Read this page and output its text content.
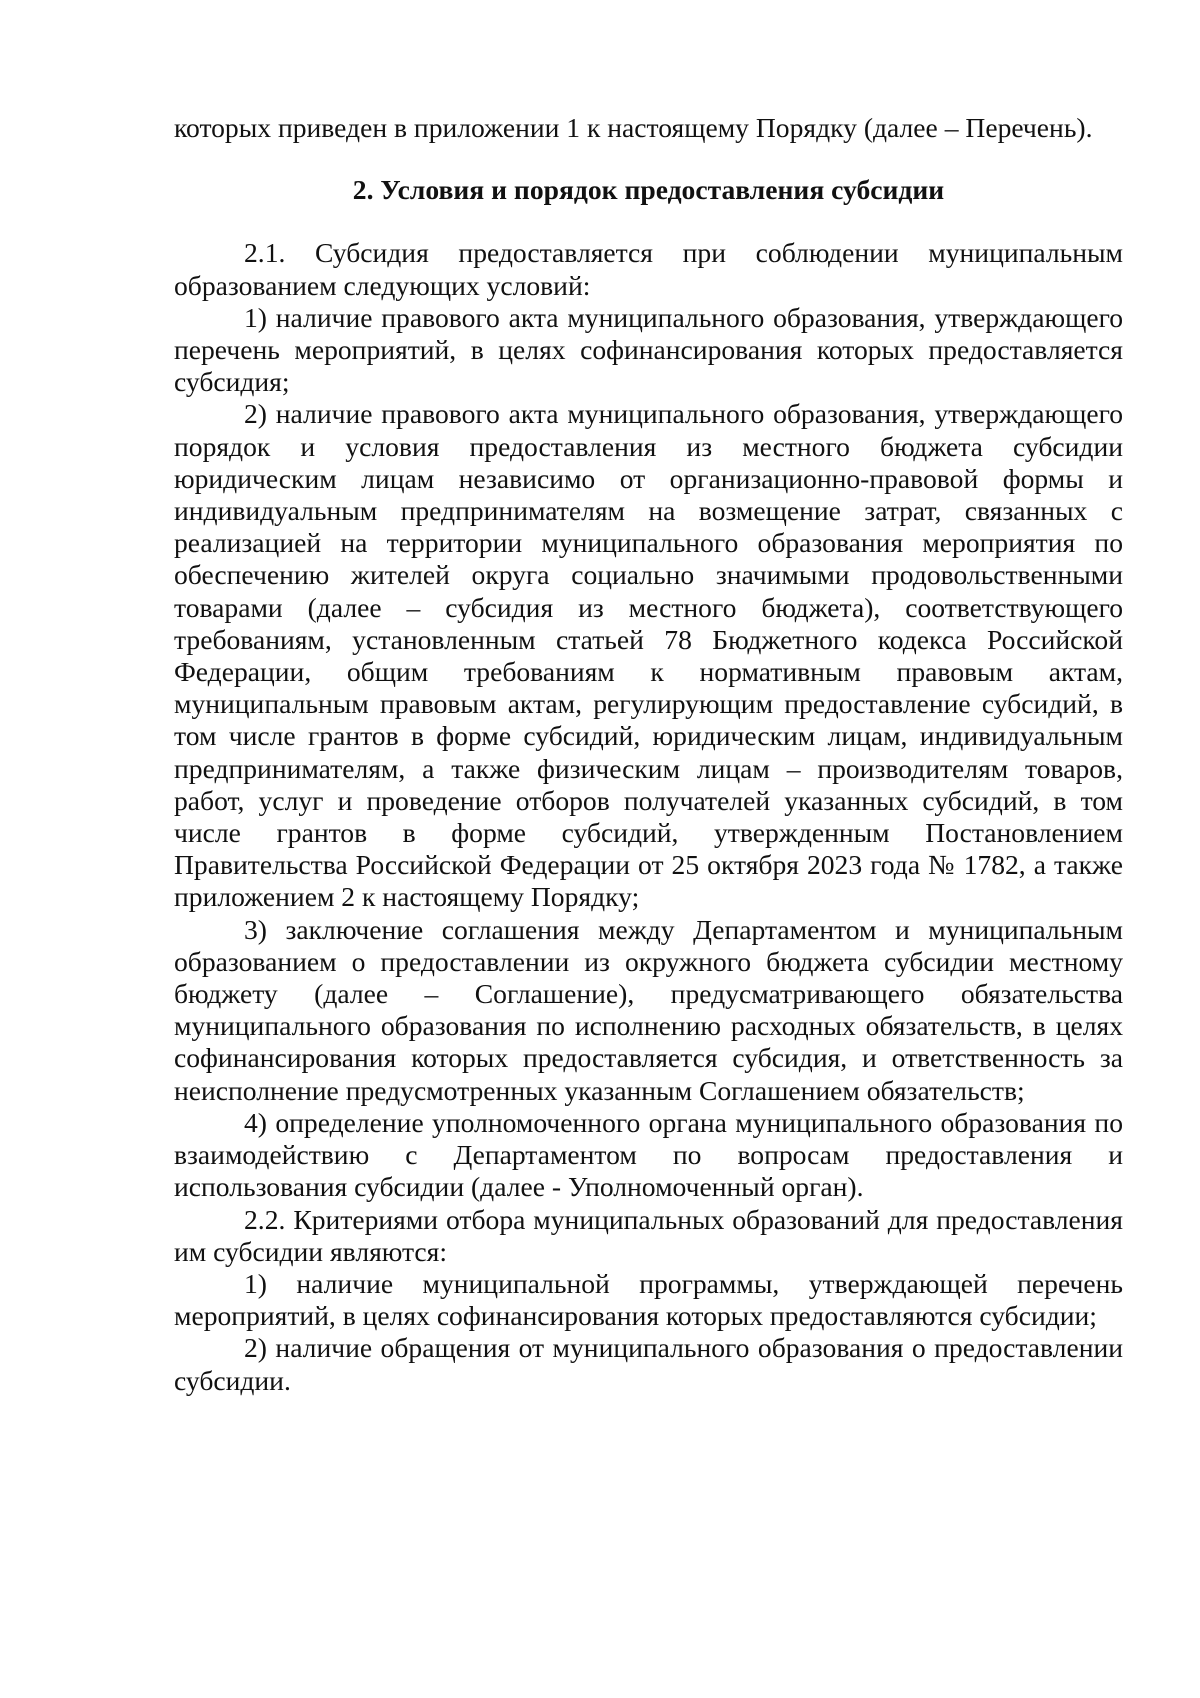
которых приведен в приложении 1 к настоящему Порядку (далее – Перечень).

2. Условия и порядок предоставления субсидии

2.1. Субсидия предоставляется при соблюдении муниципальным образованием следующих условий:

1) наличие правового акта муниципального образования, утверждающего перечень мероприятий, в целях софинансирования которых предоставляется субсидия;

2) наличие правового акта муниципального образования, утверждающего порядок и условия предоставления из местного бюджета субсидии юридическим лицам независимо от организационно-правовой формы и индивидуальным предпринимателям на возмещение затрат, связанных с реализацией на территории муниципального образования мероприятия по обеспечению жителей округа социально значимыми продовольственными товарами (далее – субсидия из местного бюджета), соответствующего требованиям, установленным статьей 78 Бюджетного кодекса Российской Федерации, общим требованиям к нормативным правовым актам, муниципальным правовым актам, регулирующим предоставление субсидий, в том числе грантов в форме субсидий, юридическим лицам, индивидуальным предпринимателям, а также физическим лицам – производителям товаров, работ, услуг и проведение отборов получателей указанных субсидий, в том числе грантов в форме субсидий, утвержденным Постановлением Правительства Российской Федерации от 25 октября 2023 года № 1782, а также приложением 2 к настоящему Порядку;

3) заключение соглашения между Департаментом и муниципальным образованием о предоставлении из окружного бюджета субсидии местному бюджету (далее – Соглашение), предусматривающего обязательства муниципального образования по исполнению расходных обязательств, в целях софинансирования которых предоставляется субсидия, и ответственность за неисполнение предусмотренных указанным Соглашением обязательств;

4) определение уполномоченного органа муниципального образования по взаимодействию с Департаментом по вопросам предоставления и использования субсидии (далее - Уполномоченный орган).

2.2. Критериями отбора муниципальных образований для предоставления им субсидии являются:

1) наличие муниципальной программы, утверждающей перечень мероприятий, в целях софинансирования которых предоставляются субсидии;

2) наличие обращения от муниципального образования о предоставлении субсидии.
